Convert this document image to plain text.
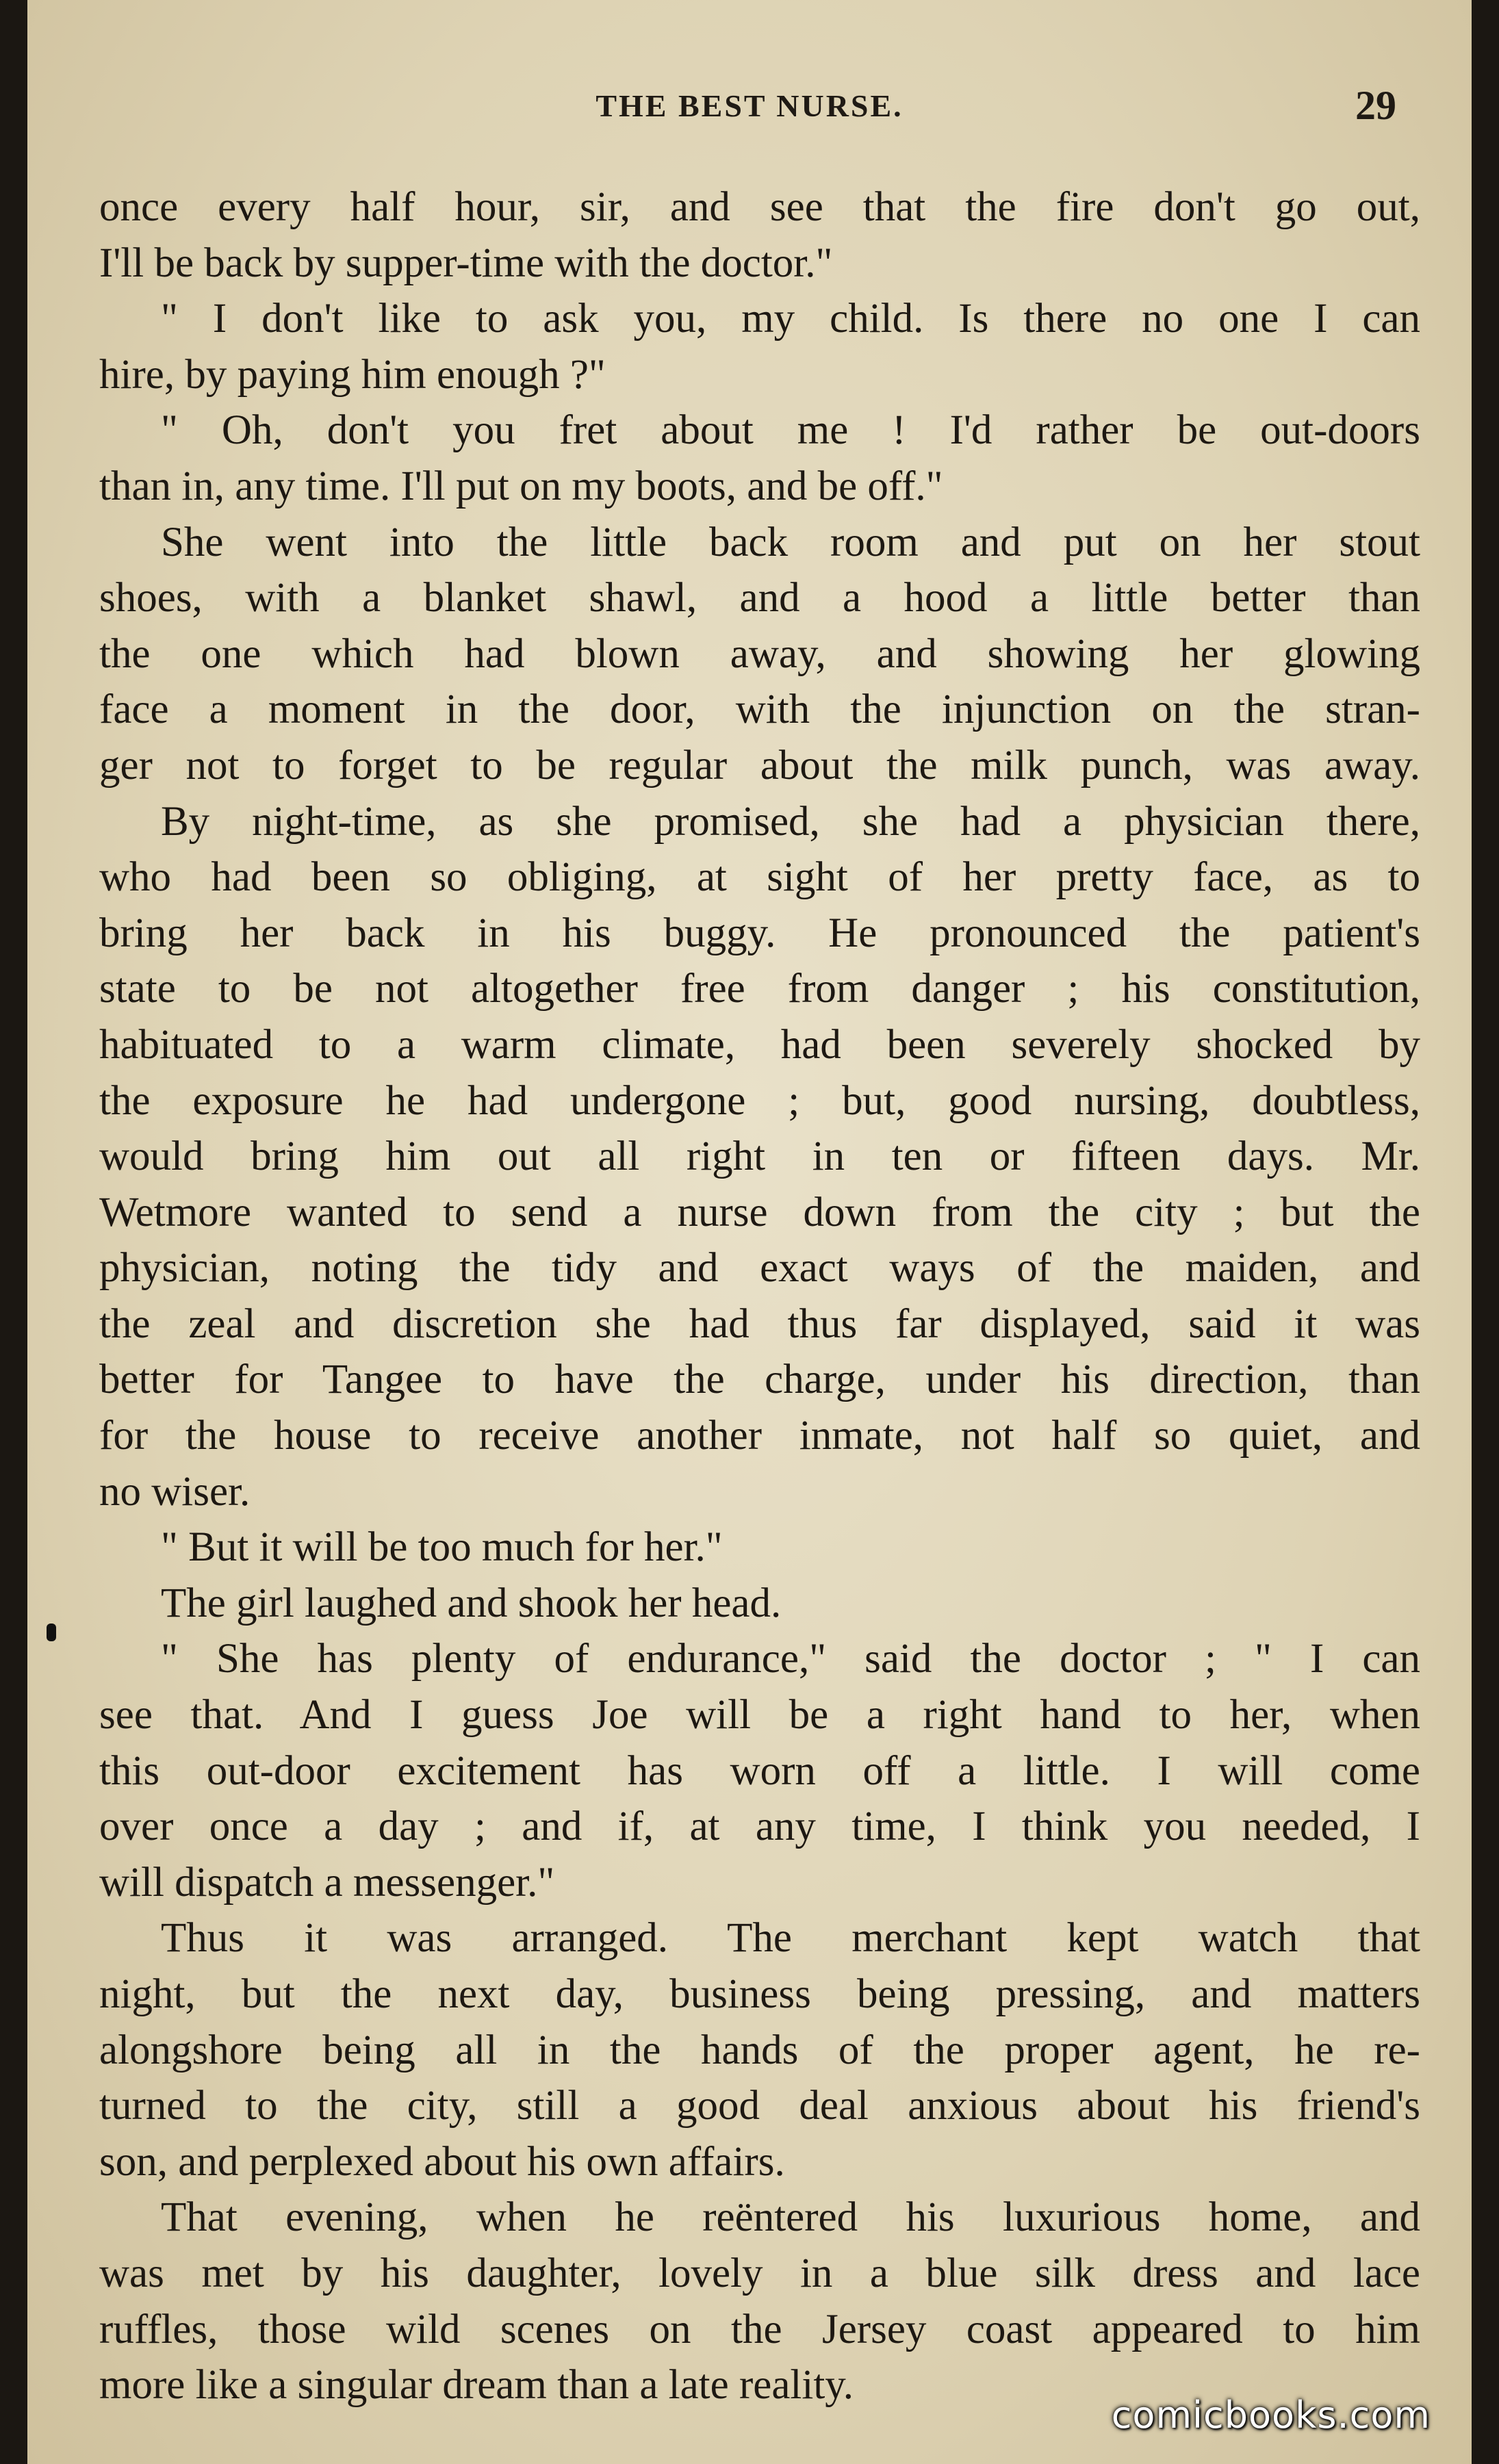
THE BEST NURSE.	29
once every half hour, sir, and see that the fire don't go out,
I'll be back by supper-time with the doctor."
" I don't like to ask you, my child. Is there no one I can
hire, by paying him enough ?"
" Oh, don't you fret about me ! I'd rather be out-doors
than in, any time. I'll put on my boots, and be off."
She went into the little back room and put on her stout
shoes, with a blanket shawl, and a hood a little better than
the one which had blown away, and showing her glowing
face a moment in the door, with the injunction on the stran-
ger not to forget to be regular about the milk punch, was away.
By night-time, as she promised, she had a physician there,
who had been so obliging, at sight of her pretty face, as to
bring her back in his buggy. He pronounced the patient's
state to be not altogether free from danger ; his constitution,
habituated to a warm climate, had been severely shocked by
the exposure he had undergone ; but, good nursing, doubtless,
would bring him out all right in ten or fifteen days. Mr.
Wetmore wanted to send a nurse down from the city ; but the
physician, noting the tidy and exact ways of the maiden, and
the zeal and discretion she had thus far displayed, said it was
better for Tangee to have the charge, under his direction, than
for the house to receive another inmate, not half so quiet, and
no wiser.
" But it will be too much for her."
The girl laughed and shook her head.
" She has plenty of endurance," said the doctor ; " I can
see that. And I guess Joe will be a right hand to her, when
this out-door excitement has worn off a little. I will come
over once a day ; and if, at any time, I think you needed, I
will dispatch a messenger."
Thus it was arranged. The merchant kept watch that
night, but the next day, business being pressing, and matters
alongshore being all in the hands of the proper agent, he re-
turned to the city, still a good deal anxious about his friend's
son, and perplexed about his own affairs.
That evening, when he reëntered his luxurious home, and
was met by his daughter, lovely in a blue silk dress and lace
ruffles, those wild scenes on the Jersey coast appeared to him
more like a singular dream than a late reality.
comicbooks.com
